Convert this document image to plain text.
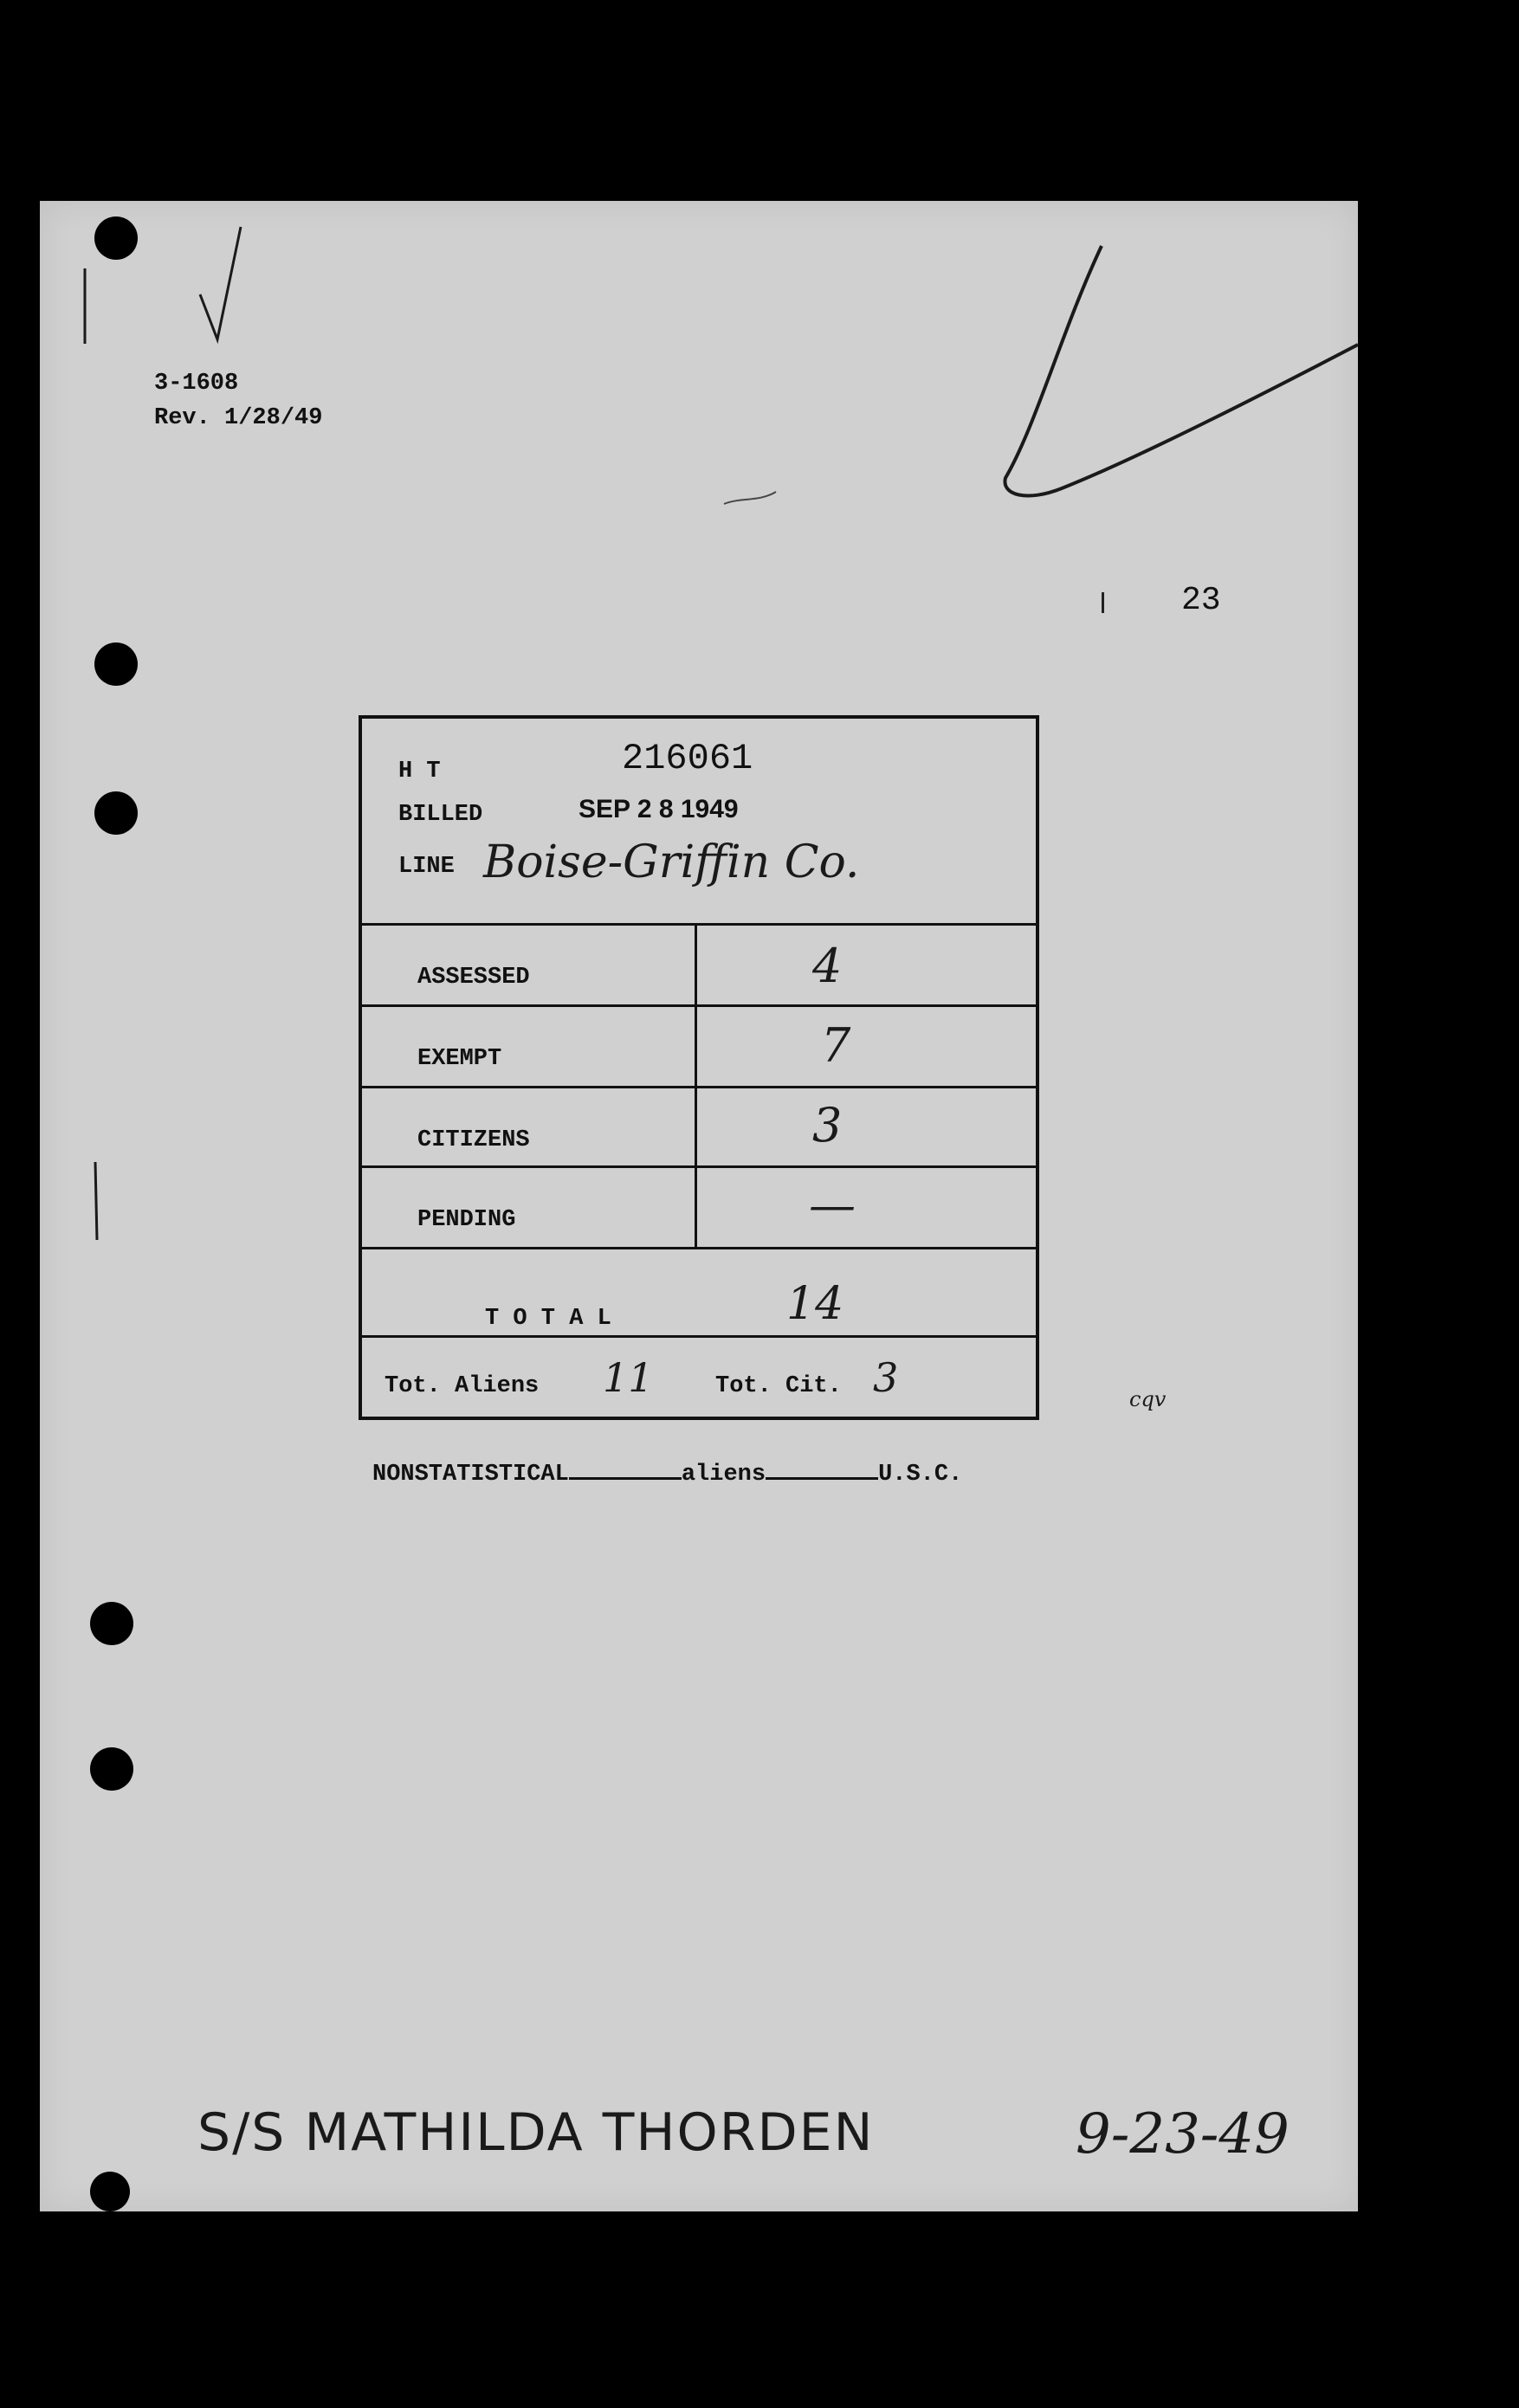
3-1608
Rev. 1/28/49
23
cqv
H T	216061
BILLED	SEP 2 8 1949
LINE Boise-Griffin Co.
ASSESSED	4
EXEMPT	7
CITIZENS	3
PENDING	—
T O T A L	14
Tot. Aliens 11	Tot. Cit. 3
NONSTATISTICAL	aliens	U.S.C.
S/S MATHILDA THORDEN	9-23-49
